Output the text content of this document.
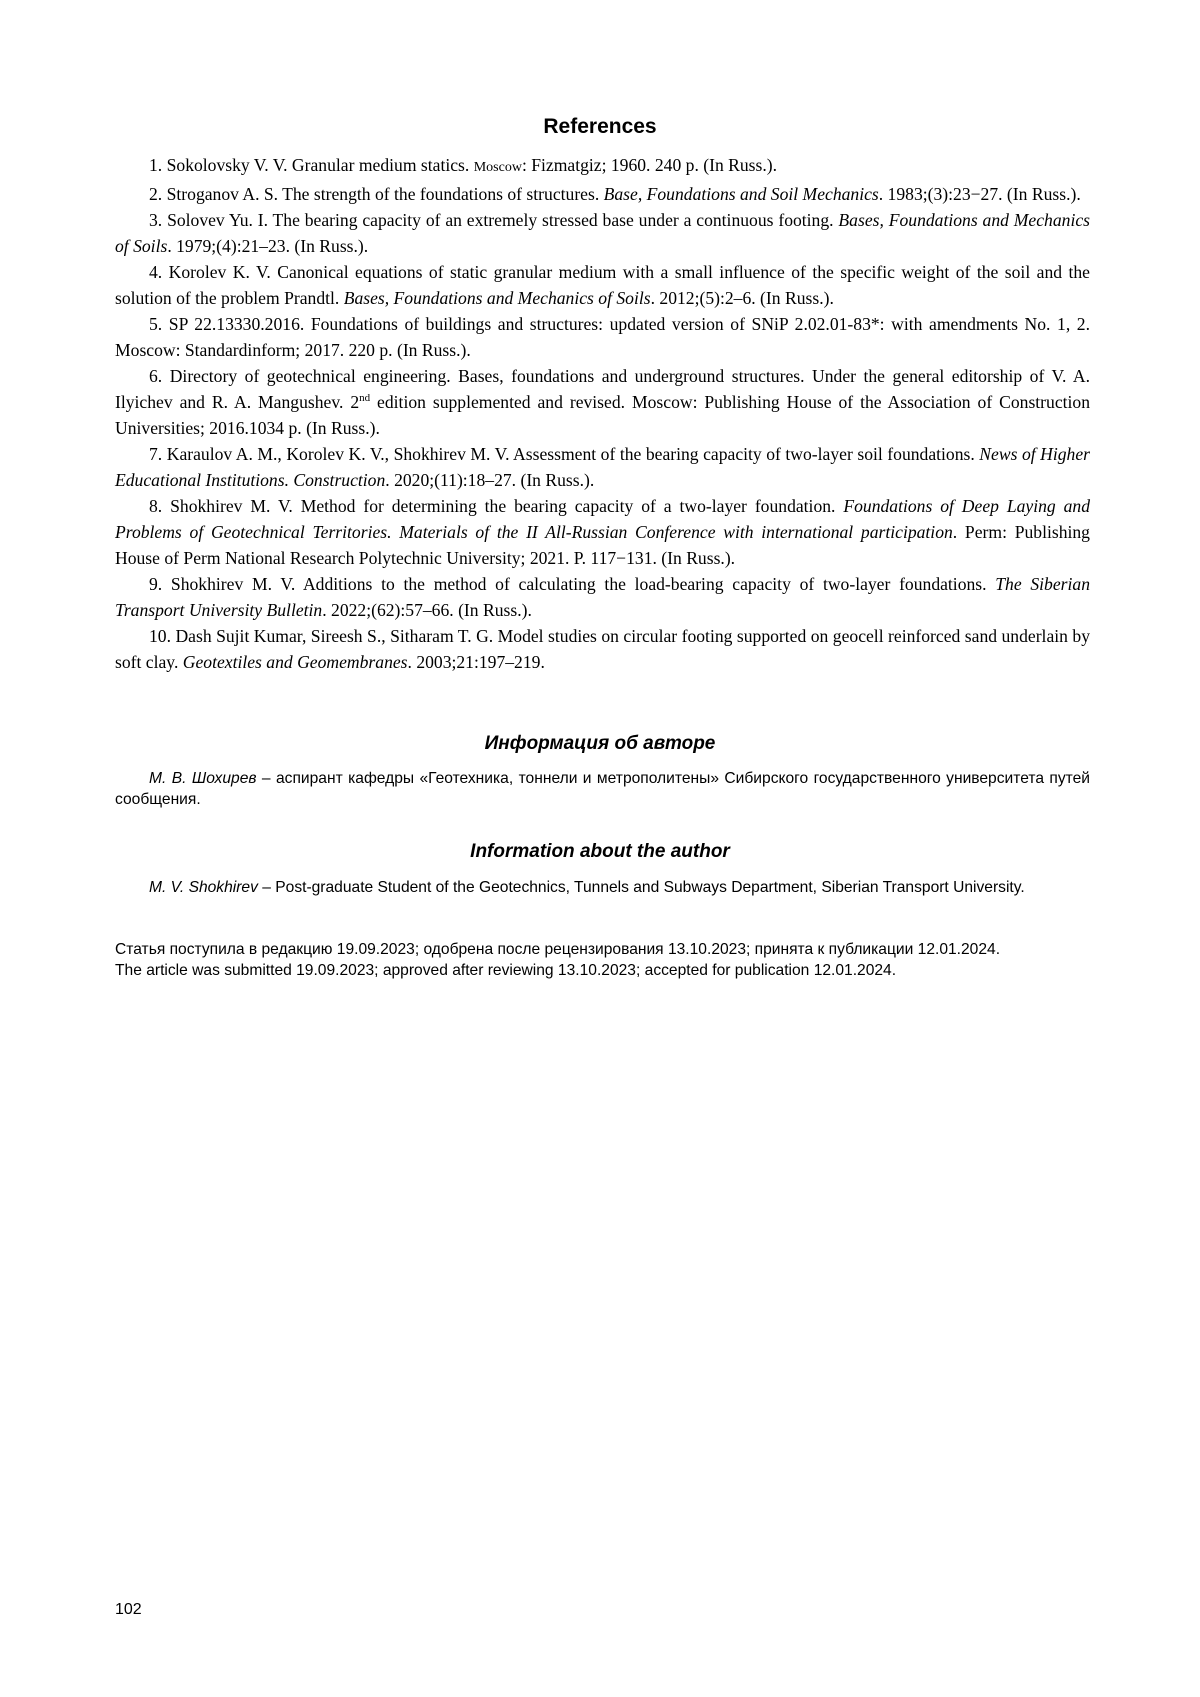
References

1. Sokolovsky V. V. Granular medium statics. Moscow: Fizmatgiz; 1960. 240 p. (In Russ.).

2. Stroganov A. S. The strength of the foundations of structures. Base, Foundations and Soil Mechanics. 1983;(3):23−27. (In Russ.).

3. Solovev Yu. I. The bearing capacity of an extremely stressed base under a continuous footing. Bases, Foundations and Mechanics of Soils. 1979;(4):21–23. (In Russ.).

4. Korolev K. V. Canonical equations of static granular medium with a small influence of the specific weight of the soil and the solution of the problem Prandtl. Bases, Foundations and Mechanics of Soils. 2012;(5):2–6. (In Russ.).

5. SP 22.13330.2016. Foundations of buildings and structures: updated version of SNiP 2.02.01-83*: with amendments No. 1, 2. Moscow: Standardinform; 2017. 220 p. (In Russ.).

6. Directory of geotechnical engineering. Bases, foundations and underground structures. Under the general editorship of V. A. Ilyichev and R. A. Mangushev. 2nd edition supplemented and revised. Moscow: Publishing House of the Association of Construction Universities; 2016.1034 p. (In Russ.).

7. Karaulov A. M., Korolev K. V., Shokhirev M. V. Assessment of the bearing capacity of two-layer soil foundations. News of Higher Educational Institutions. Construction. 2020;(11):18–27. (In Russ.).

8. Shokhirev M. V. Method for determining the bearing capacity of a two-layer foundation. Foundations of Deep Laying and Problems of Geotechnical Territories. Materials of the II All-Russian Conference with international participation. Perm: Publishing House of Perm National Research Polytechnic University; 2021. P. 117−131. (In Russ.).

9. Shokhirev M. V. Additions to the method of calculating the load-bearing capacity of two-layer foundations. The Siberian Transport University Bulletin. 2022;(62):57–66. (In Russ.).

10. Dash Sujit Kumar, Sireesh S., Sitharam T. G. Model studies on circular footing supported on geocell reinforced sand underlain by soft clay. Geotextiles and Geomembranes. 2003;21:197–219.

Информация об авторе

М. В. Шохирев – аспирант кафедры «Геотехника, тоннели и метрополитены» Сибирского государственного университета путей сообщения.

Information about the author

M. V. Shokhirev – Post-graduate Student of the Geotechnics, Tunnels and Subways Department, Siberian Transport University.

Статья поступила в редакцию 19.09.2023; одобрена после рецензирования 13.10.2023; принята к публикации 12.01.2024.

The article was submitted 19.09.2023; approved after reviewing 13.10.2023; accepted for publication 12.01.2024.

102
